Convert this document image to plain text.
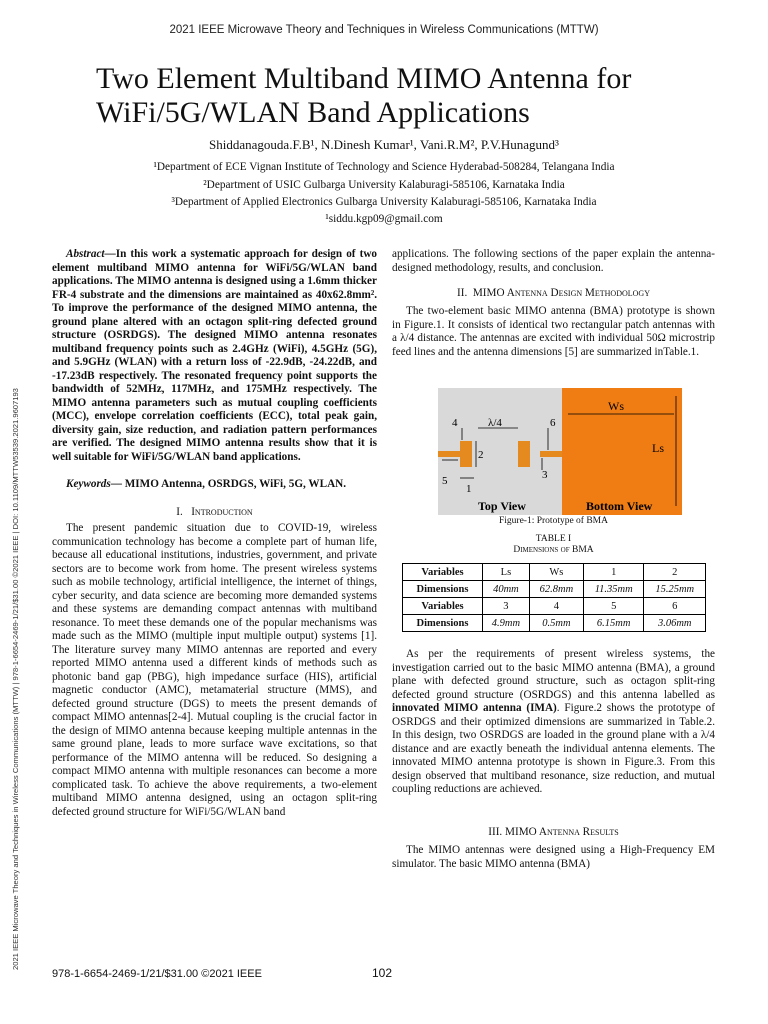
2021 IEEE Microwave Theory and Techniques in Wireless Communications (MTTW)
Two Element Multiband MIMO Antenna for WiFi/5G/WLAN Band Applications
Shiddanagouda.F.B¹, N.Dinesh Kumar¹, Vani.R.M², P.V.Hunagund³
¹Department of ECE Vignan Institute of Technology and Science Hyderabad-508284, Telangana India
²Department of USIC Gulbarga University Kalaburagi-585106, Karnataka India
³Department of Applied Electronics Gulbarga University Kalaburagi-585106, Karnataka India
¹siddu.kgp09@gmail.com
2021 IEEE Microwave Theory and Techniques in Wireless Communications (MTTW) | 978-1-6654-2469-1/21/$31.00 ©2021 IEEE | DOI: 10.1109/MTTW53539.2021.9607193

Abstract—In this work a systematic approach for design of two element multiband MIMO antenna for WiFi/5G/WLAN band applications. The MIMO antenna is designed using a 1.6mm thicker FR-4 substrate and the dimensions are maintained as 40x62.8mm². To improve the performance of the designed MIMO antenna, the ground plane altered with an octagon split-ring defected ground structure (OSRDGS). The designed MIMO antenna resonates multiband frequency points such as 2.4GHz (WiFi), 4.5GHz (5G), and 5.9GHz (WLAN) with a return loss of -22.9dB, -24.22dB, and -17.23dB respectively. The resonated frequency point supports the bandwidth of 52MHz, 117MHz, and 175MHz respectively. The MIMO antenna parameters such as mutual coupling coefficients (MCC), envelope correlation coefficients (ECC), total peak gain, diversity gain, size reduction, and radiation pattern performances are verified. The designed MIMO antenna results show that it is well suitable for WiFi/5G/WLAN band applications.

Keywords— MIMO Antenna, OSRDGS, WiFi, 5G, WLAN.

I. Introduction

The present pandemic situation due to COVID-19, wireless communication technology has become a complete part of human life, because all educational institutions, industries, government, and private sectors are to become work from home. The present wireless systems such as mobile technology, artificial intelligence, the internet of things, cyber security, and data science are becoming more demanded systems and these systems are demanding compact antennas with multiband resonance. To meet these demands one of the popular mechanisms was made such as the MIMO (multiple input multiple output) systems [1]. The literature survey many MIMO antennas are reported and every reported MIMO antenna used a different kinds of methods such as photonic band gap (PBG), high impedance surface (HIS), artificial magnetic conductor (AMC), metamaterial structure (MMS), and defected ground structure (DGS) to meets the present demands of compact MIMO antennas[2-4]. Mutual coupling is the crucial factor in the design of MIMO antenna because keeping multiple antennas in the same ground plane, leads to more surface wave excitations, so that performance of the MIMO antenna will be reduced. So designing a compact MIMO antenna with multiple resonances can become a more complicated task. To achieve the above requirements, a two-element multiband MIMO antenna designed, using an octagon split-ring defected ground structure for WiFi/5G/WLAN band

applications. The following sections of the paper explain the antenna-designed methodology, results, and conclusion.

II. MIMO Antenna Design Methodology

The two-element basic MIMO antenna (BMA) prototype is shown in Figure.1. It consists of identical two rectangular patch antennas with a λ/4 distance. The antennas are excited with individual 50Ω microstrip feed lines and the antenna dimensions [5] are summarized inTable.1.

4	λ/4
2
5
1
6
3
Top View	Bottom View
Ws
Ls
Figure-1: Prototype of BMA
TABLE I
Dimensions of BMA
Variables	Ls	Ws	1	2
Dimensions	40mm	62.8mm	11.35mm	15.25mm
Variables	3	4	5	6
Dimensions	4.9mm	0.5mm	6.15mm	3.06mm

As per the requirements of present wireless systems, the investigation carried out to the basic MIMO antenna (BMA), a ground plane with defected ground structure, such as octagon split-ring defected ground structure (OSRDGS) and this antenna labelled as innovated MIMO antenna (IMA). Figure.2 shows the prototype of OSRDGS and their optimized dimensions are summarized in Table.2. In this design, two OSRDGS are loaded in the ground plane with a λ/4 distance and are exactly beneath the individual antenna elements. The innovated MIMO antenna prototype is shown in Figure.3. From this design observed that multiband resonance, size reduction, and mutual coupling reductions are achieved.

III. MIMO Antenna Results

The MIMO antennas were designed using a High-Frequency EM simulator. The basic MIMO antenna (BMA)

978-1-6654-2469-1/21/$31.00 ©2021 IEEE	102
